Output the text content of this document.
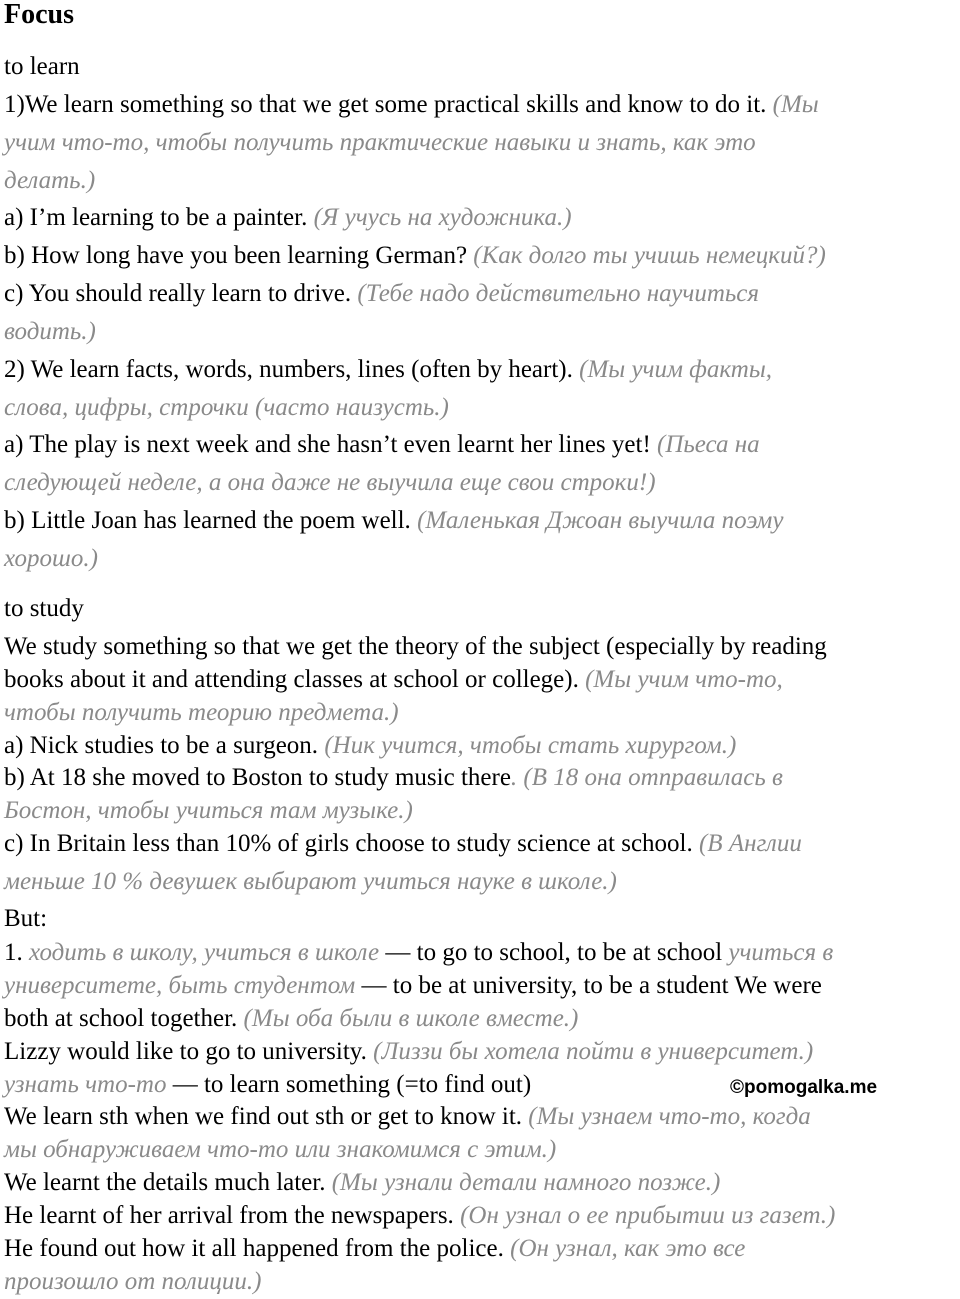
Focus
to learn
1)We learn something so that we get some practical skills and know to do it. (Мы
учим что-то, чтобы получить практические навыки и знать, как это
делать.)
a) I’m learning to be a painter. (Я учусь на художника.)
b) How long have you been learning German? (Как долго ты учишь немецкий?)
c) You should really learn to drive. (Тебе надо действительно научиться
водить.)
2) We learn facts, words, numbers, lines (often by heart). (Мы учим факты,
слова, цифры, строчки (часто наизусть.)
a) The play is next week and she hasn’t even learnt her lines yet! (Пьеса на
следующей неделе, а она даже не выучила еще свои строки!)
b) Little Joan has learned the poem well. (Маленькая Джоан выучила поэму
хорошо.)
to study
We study something so that we get the theory of the subject (especially by reading
books about it and attending classes at school or college). (Мы учим что-то,
чтобы получить теорию предмета.)
a) Nick studies to be a surgeon. (Ник учится, чтобы стать хирургом.)
b) At 18 she moved to Boston to study music there. (В 18 она отправилась в
Бостон, чтобы учиться там музыке.)
c) In Britain less than 10% of girls choose to study science at school. (В Англии
меньше 10 % девушек выбирают учиться науке в школе.)
But:
1. ходить в школу, учиться в школе — to go to school, to be at school учиться в
университете, быть студентом — to be at university, to be a student We were
both at school together. (Мы оба были в школе вместе.)
Lizzy would like to go to university. (Лиззи бы хотела пойти в университет.)
узнать что-то — to learn something (=to find out)
We learn sth when we find out sth or get to know it. (Мы узнаем что-то, когда
мы обнаруживаем что-то или знакомимся с этим.)
We learnt the details much later. (Мы узнали детали намного позже.)
He learnt of her arrival from the newspapers. (Он узнал о ее прибытии из газет.)
He found out how it all happened from the police. (Он узнал, как это все
произошло от полиции.)
©pomogalka.me
